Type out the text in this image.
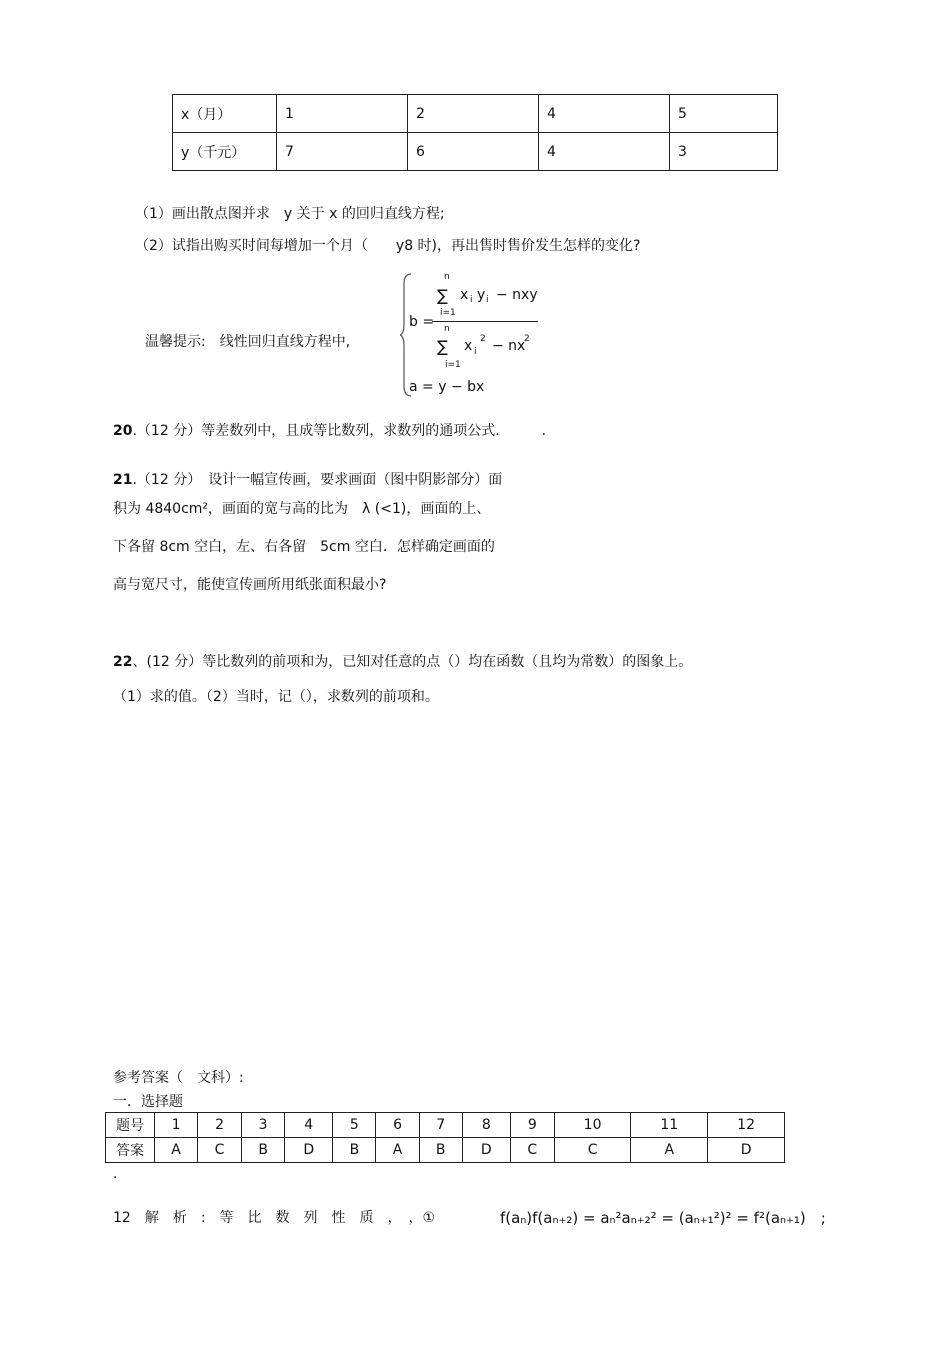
x（月）	1	2	4	5
y（千元）	7	6	4	3
（1）画出散点图并求　y 关于 x 的回归直线方程;
（2）试指出购买时间每增加一个月（　　y8 时)，再出售时售价发生怎样的变化?
温馨提示:　线性回归直线方程中,
n
∑ x i y i − nxy
i=1
b = n
∑ x i
2 − nx
2
i=1
a = y − bx
20.（12 分）等差数列中，且成等比数列，求数列的通项公式.　　　.
21.（12 分）　设计一幅宣传画，要求画面（图中阴影部分）面
积为 4840cm²，画面的宽与高的比为　λ (<1)，画面的上、
下各留 8cm 空白，左、右各留　5cm 空白．怎样确定画面的
高与宽尺寸，能使宣传画所用纸张面积最小?
22、(12 分）等比数列的前项和为，已知对任意的点（）均在函数（且均为常数）的图象上。
（1）求的值。（2）当时，记（），求数列的前项和。
参考答案（　文科）:
一．选择题
题号	1	2	3	4	5	6	7	8	9	10	11	12
答案	A	C	B	D	B	A	B	D	C	C	A	D
.
12　解　析　:　等　比　数　列　性　质　，　，①	f(aₙ)f(aₙ₊₂) = aₙ²aₙ₊₂² = (aₙ₊₁²)² = f²(aₙ₊₁)　;
